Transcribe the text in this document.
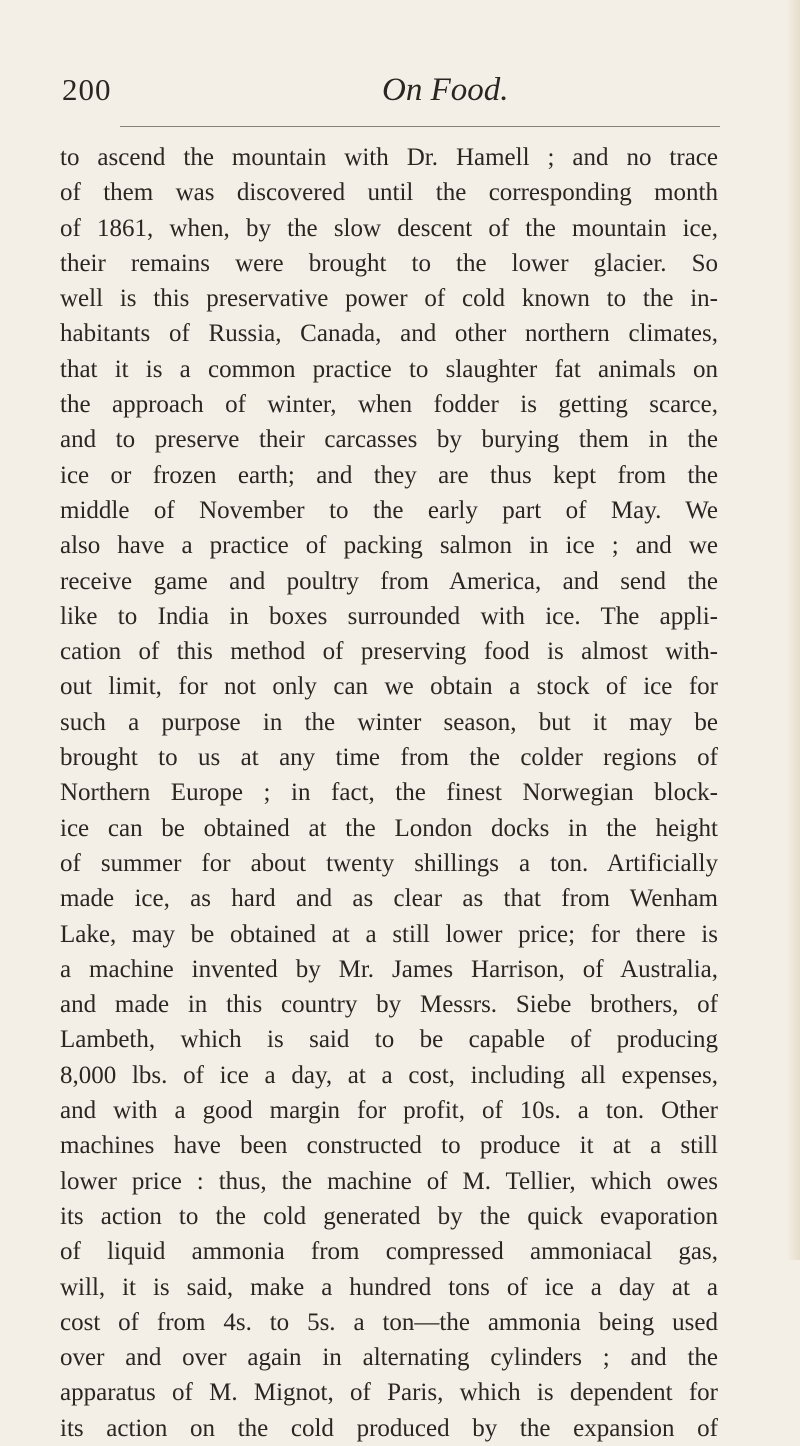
200	On Food.
to ascend the mountain with Dr. Hamell ; and no trace
of them was discovered until the corresponding month
of 1861, when, by the slow descent of the mountain ice,
their remains were brought to the lower glacier. So
well is this preservative power of cold known to the in-
habitants of Russia, Canada, and other northern climates,
that it is a common practice to slaughter fat animals on
the approach of winter, when fodder is getting scarce,
and to preserve their carcasses by burying them in the
ice or frozen earth; and they are thus kept from the
middle of November to the early part of May. We
also have a practice of packing salmon in ice ; and we
receive game and poultry from America, and send the
like to India in boxes surrounded with ice. The appli-
cation of this method of preserving food is almost with-
out limit, for not only can we obtain a stock of ice for
such a purpose in the winter season, but it may be
brought to us at any time from the colder regions of
Northern Europe ; in fact, the finest Norwegian block-
ice can be obtained at the London docks in the height
of summer for about twenty shillings a ton. Artificially
made ice, as hard and as clear as that from Wenham
Lake, may be obtained at a still lower price; for there is
a machine invented by Mr. James Harrison, of Australia,
and made in this country by Messrs. Siebe brothers, of
Lambeth, which is said to be capable of producing
8,000 lbs. of ice a day, at a cost, including all expenses,
and with a good margin for profit, of 10s. a ton. Other
machines have been constructed to produce it at a still
lower price : thus, the machine of M. Tellier, which owes
its action to the cold generated by the quick evaporation
of liquid ammonia from compressed ammoniacal gas,
will, it is said, make a hundred tons of ice a day at a
cost of from 4s. to 5s. a ton—the ammonia being used
over and over again in alternating cylinders ; and the
apparatus of M. Mignot, of Paris, which is dependent for
its action on the cold produced by the expansion of
